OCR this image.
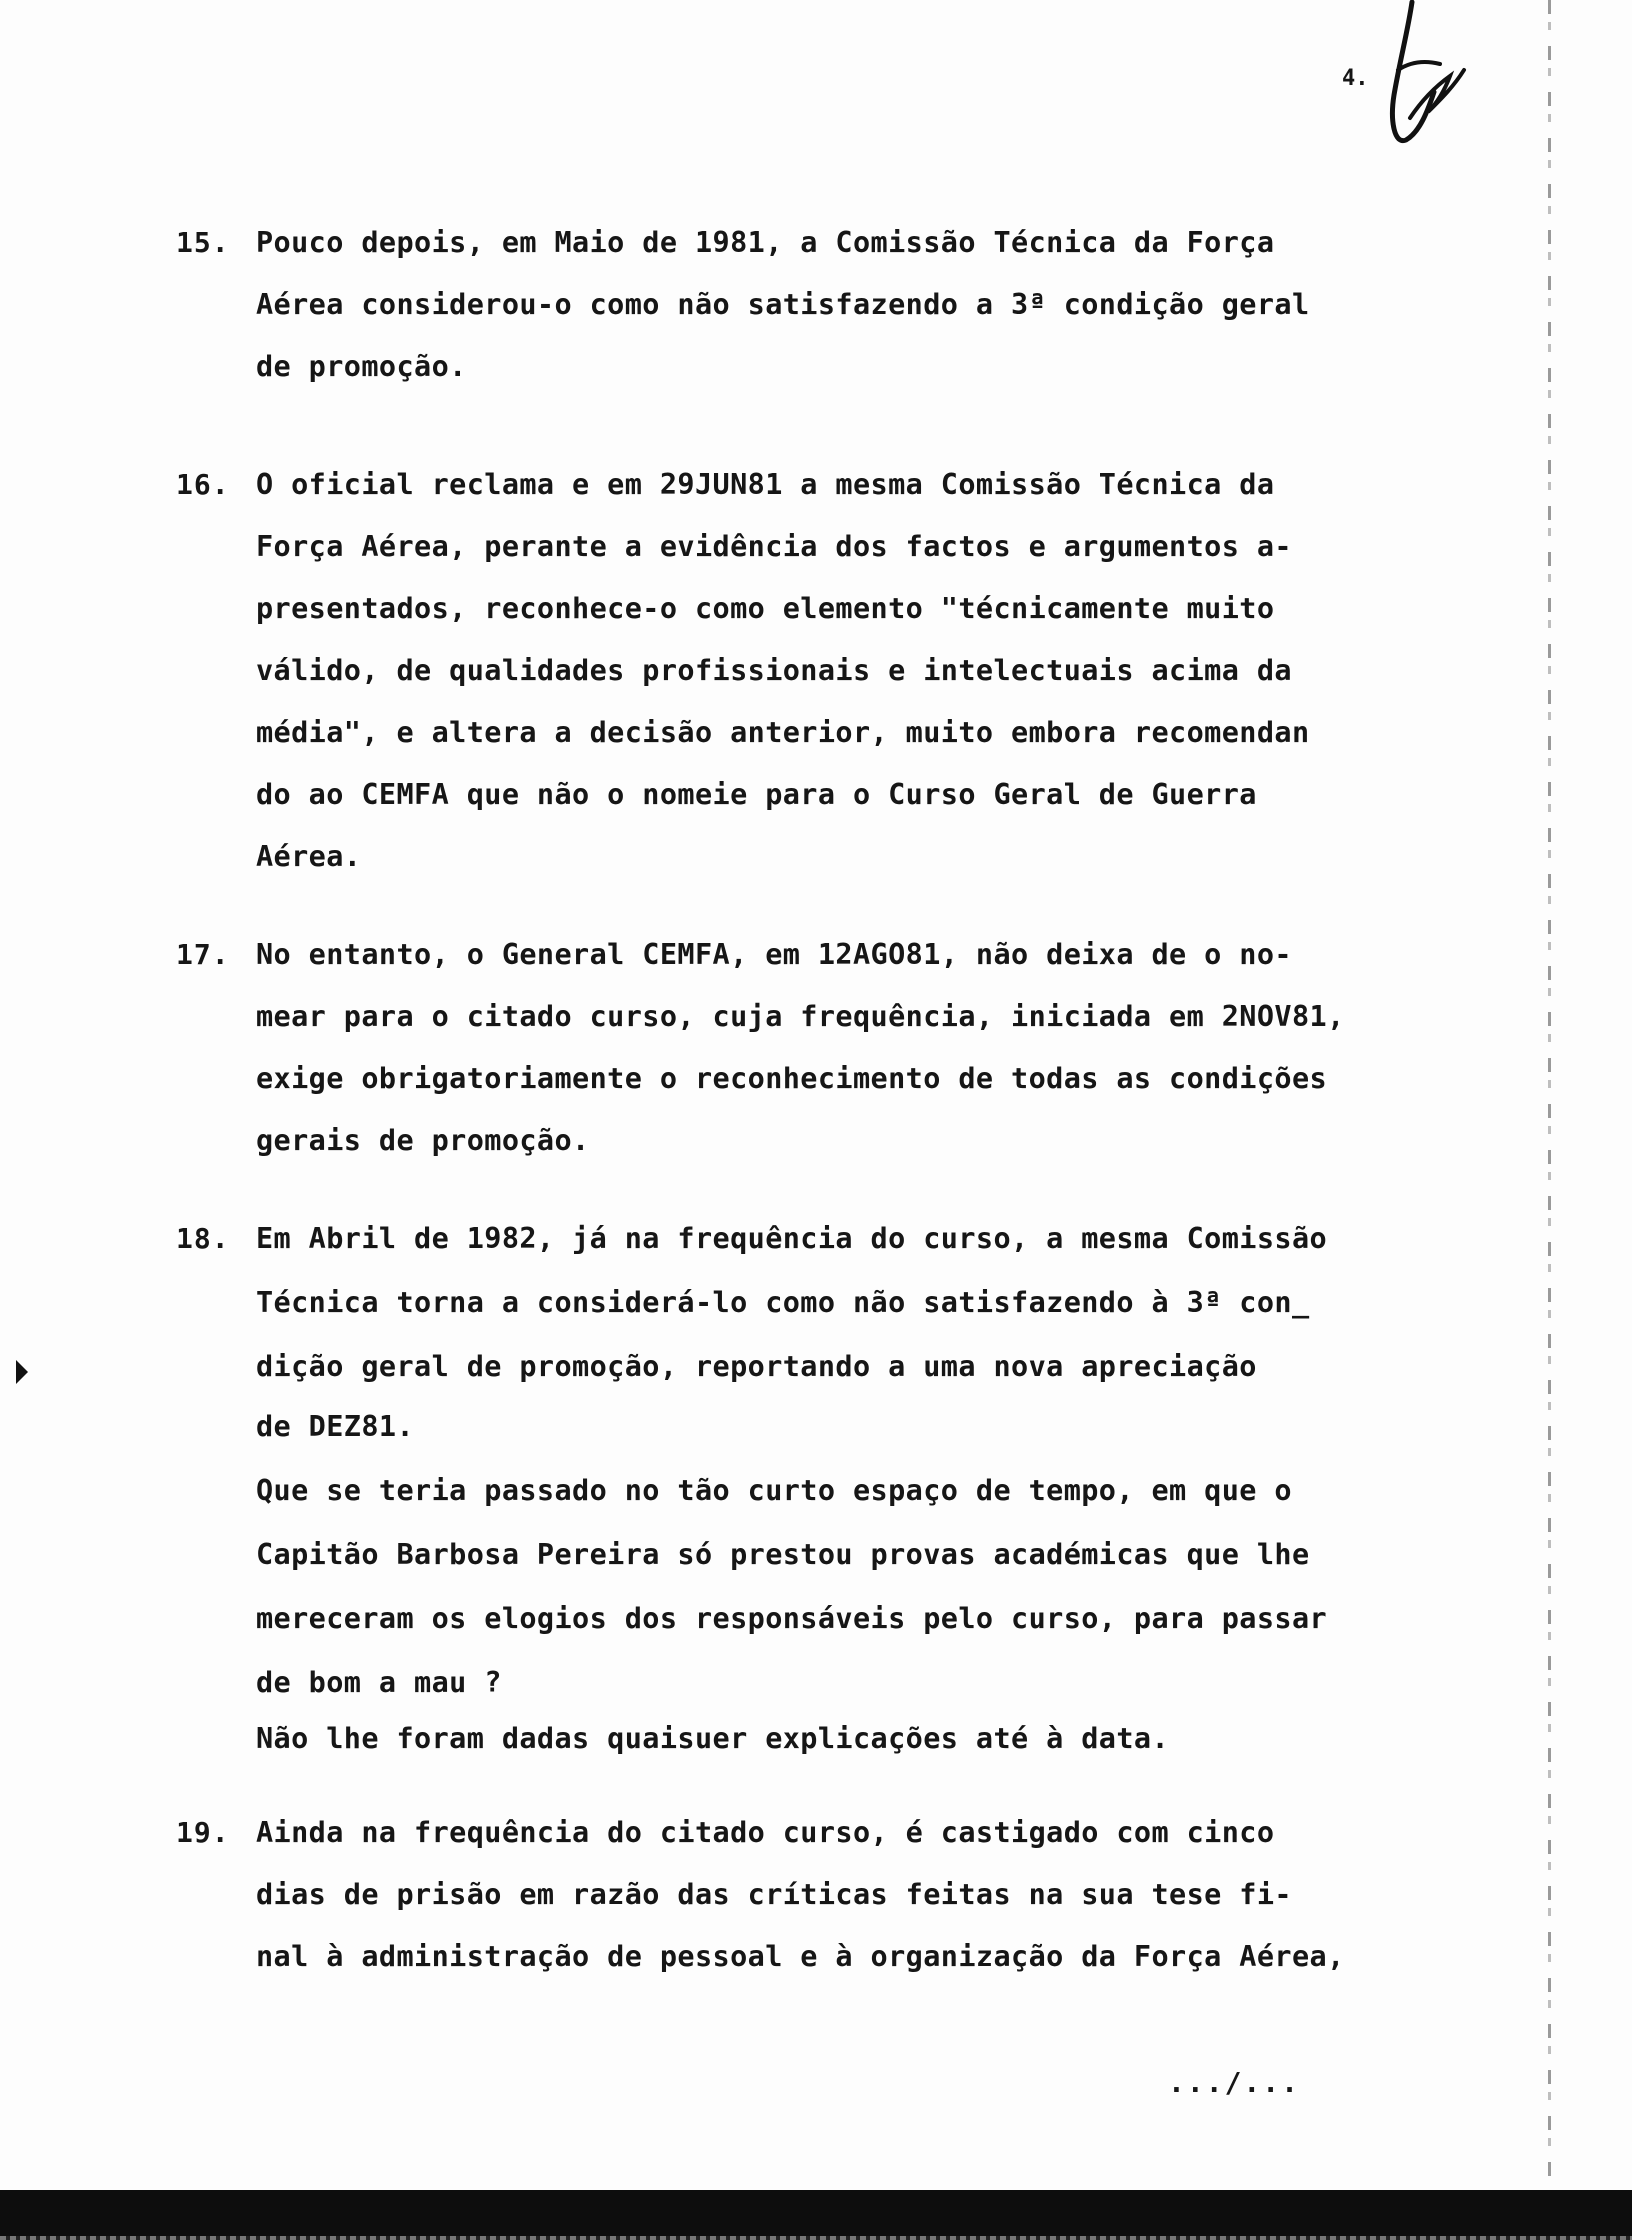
4.
15. Pouco depois, em Maio de 1981, a Comissão Técnica da Força
Aérea considerou-o como não satisfazendo a 3ª condição geral
de promoção.
16. O oficial reclama e em 29JUN81 a mesma Comissão Técnica da
Força Aérea, perante a evidência dos factos e argumentos a-
presentados, reconhece-o como elemento "técnicamente muito
válido, de qualidades profissionais e intelectuais acima da
média", e altera a decisão anterior, muito embora recomendan
do ao CEMFA que não o nomeie para o Curso Geral de Guerra
Aérea.
17. No entanto, o General CEMFA, em 12AGO81, não deixa de o no-
mear para o citado curso, cuja frequência, iniciada em 2NOV81,
exige obrigatoriamente o reconhecimento de todas as condições
gerais de promoção.
18. Em Abril de 1982, já na frequência do curso, a mesma Comissão
Técnica torna a considerá-lo como não satisfazendo à 3ª con_
dição geral de promoção, reportando a uma nova apreciação
de DEZ81.
Que se teria passado no tão curto espaço de tempo, em que o
Capitão Barbosa Pereira só prestou provas académicas que lhe
mereceram os elogios dos responsáveis pelo curso, para passar
de bom a mau ?
Não lhe foram dadas quaisuer explicações até à data.
19. Ainda na frequência do citado curso, é castigado com cinco
dias de prisão em razão das críticas feitas na sua tese fi-
nal à administração de pessoal e à organização da Força Aérea,
.../...
